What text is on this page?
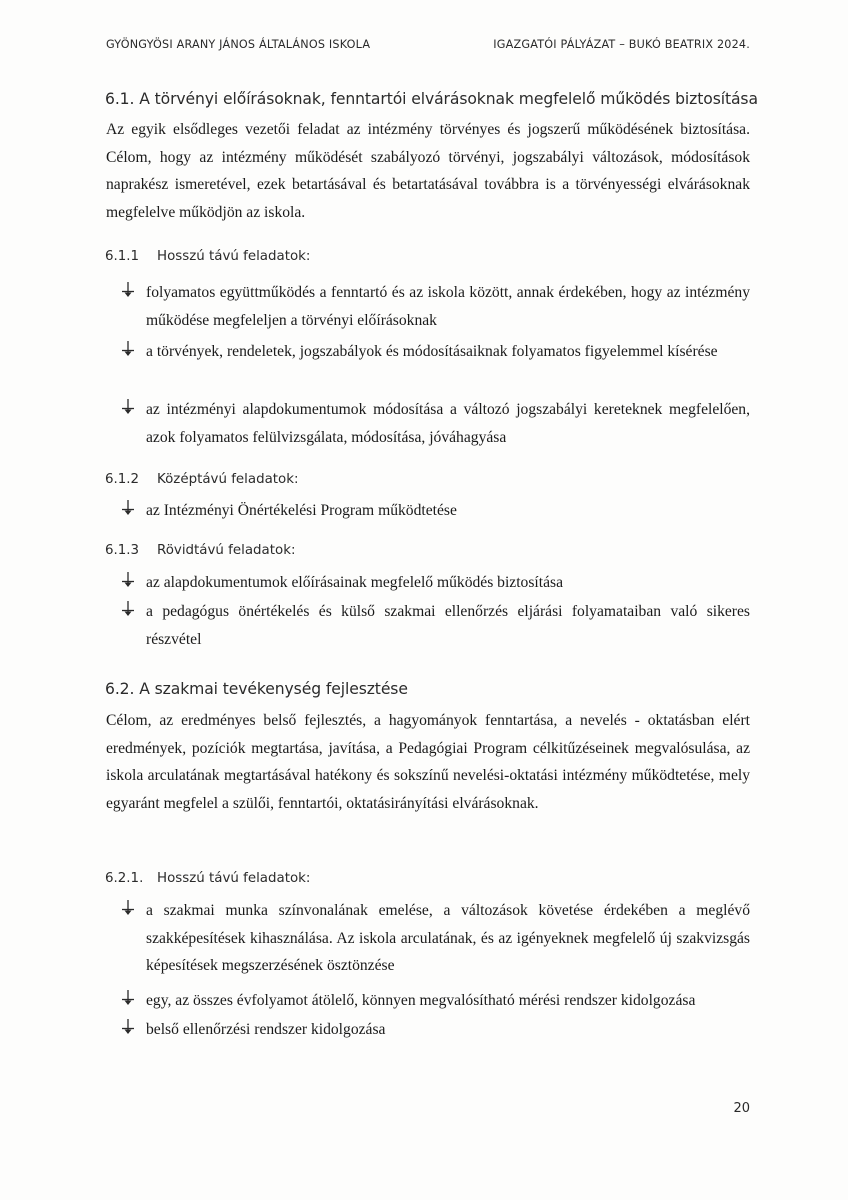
GYÖNGYÖSI ARANY JÁNOS ÁLTALÁNOS ISKOLA	IGAZGATÓI PÁLYÁZAT – BUKÓ BEATRIX 2024.
6.1. A törvényi előírásoknak, fenntartói elvárásoknak megfelelő működés biztosítása
Az egyik elsődleges vezetői feladat az intézmény törvényes és jogszerű működésének biztosítása. Célom, hogy az intézmény működését szabályozó törvényi, jogszabályi változások, módosítások naprakész ismeretével, ezek betartásával és betartatásával továbbra is a törvényességi elvárásoknak megfelelve működjön az iskola.
6.1.1 Hosszú távú feladatok:
folyamatos együttműködés a fenntartó és az iskola között, annak érdekében, hogy az intézmény működése megfeleljen a törvényi előírásoknak
a törvények, rendeletek, jogszabályok és módosításaiknak folyamatos figyelemmel kísérése
az intézményi alapdokumentumok módosítása a változó jogszabályi kereteknek megfelelően, azok folyamatos felülvizsgálata, módosítása, jóváhagyása
6.1.2 Középtávú feladatok:
az Intézményi Önértékelési Program működtetése
6.1.3 Rövidtávú feladatok:
az alapdokumentumok előírásainak megfelelő működés biztosítása
a pedagógus önértékelés és külső szakmai ellenőrzés eljárási folyamataiban való sikeres részvétel
6.2. A szakmai tevékenység fejlesztése
Célom, az eredményes belső fejlesztés, a hagyományok fenntartása, a nevelés - oktatásban elért eredmények, pozíciók megtartása, javítása, a Pedagógiai Program célkitűzéseinek megvalósulása, az iskola arculatának megtartásával hatékony és sokszínű nevelési-oktatási intézmény működtetése, mely egyaránt megfelel a szülői, fenntartói, oktatásirányítási elvárásoknak.
6.2.1. Hosszú távú feladatok:
a szakmai munka színvonalának emelése, a változások követése érdekében a meglévő szakképesítések kihasználása. Az iskola arculatának, és az igényeknek megfelelő új szakvizsgás képesítések megszerzésének ösztönzése
egy, az összes évfolyamot átölelő, könnyen megvalósítható mérési rendszer kidolgozása
belső ellenőrzési rendszer kidolgozása
20
